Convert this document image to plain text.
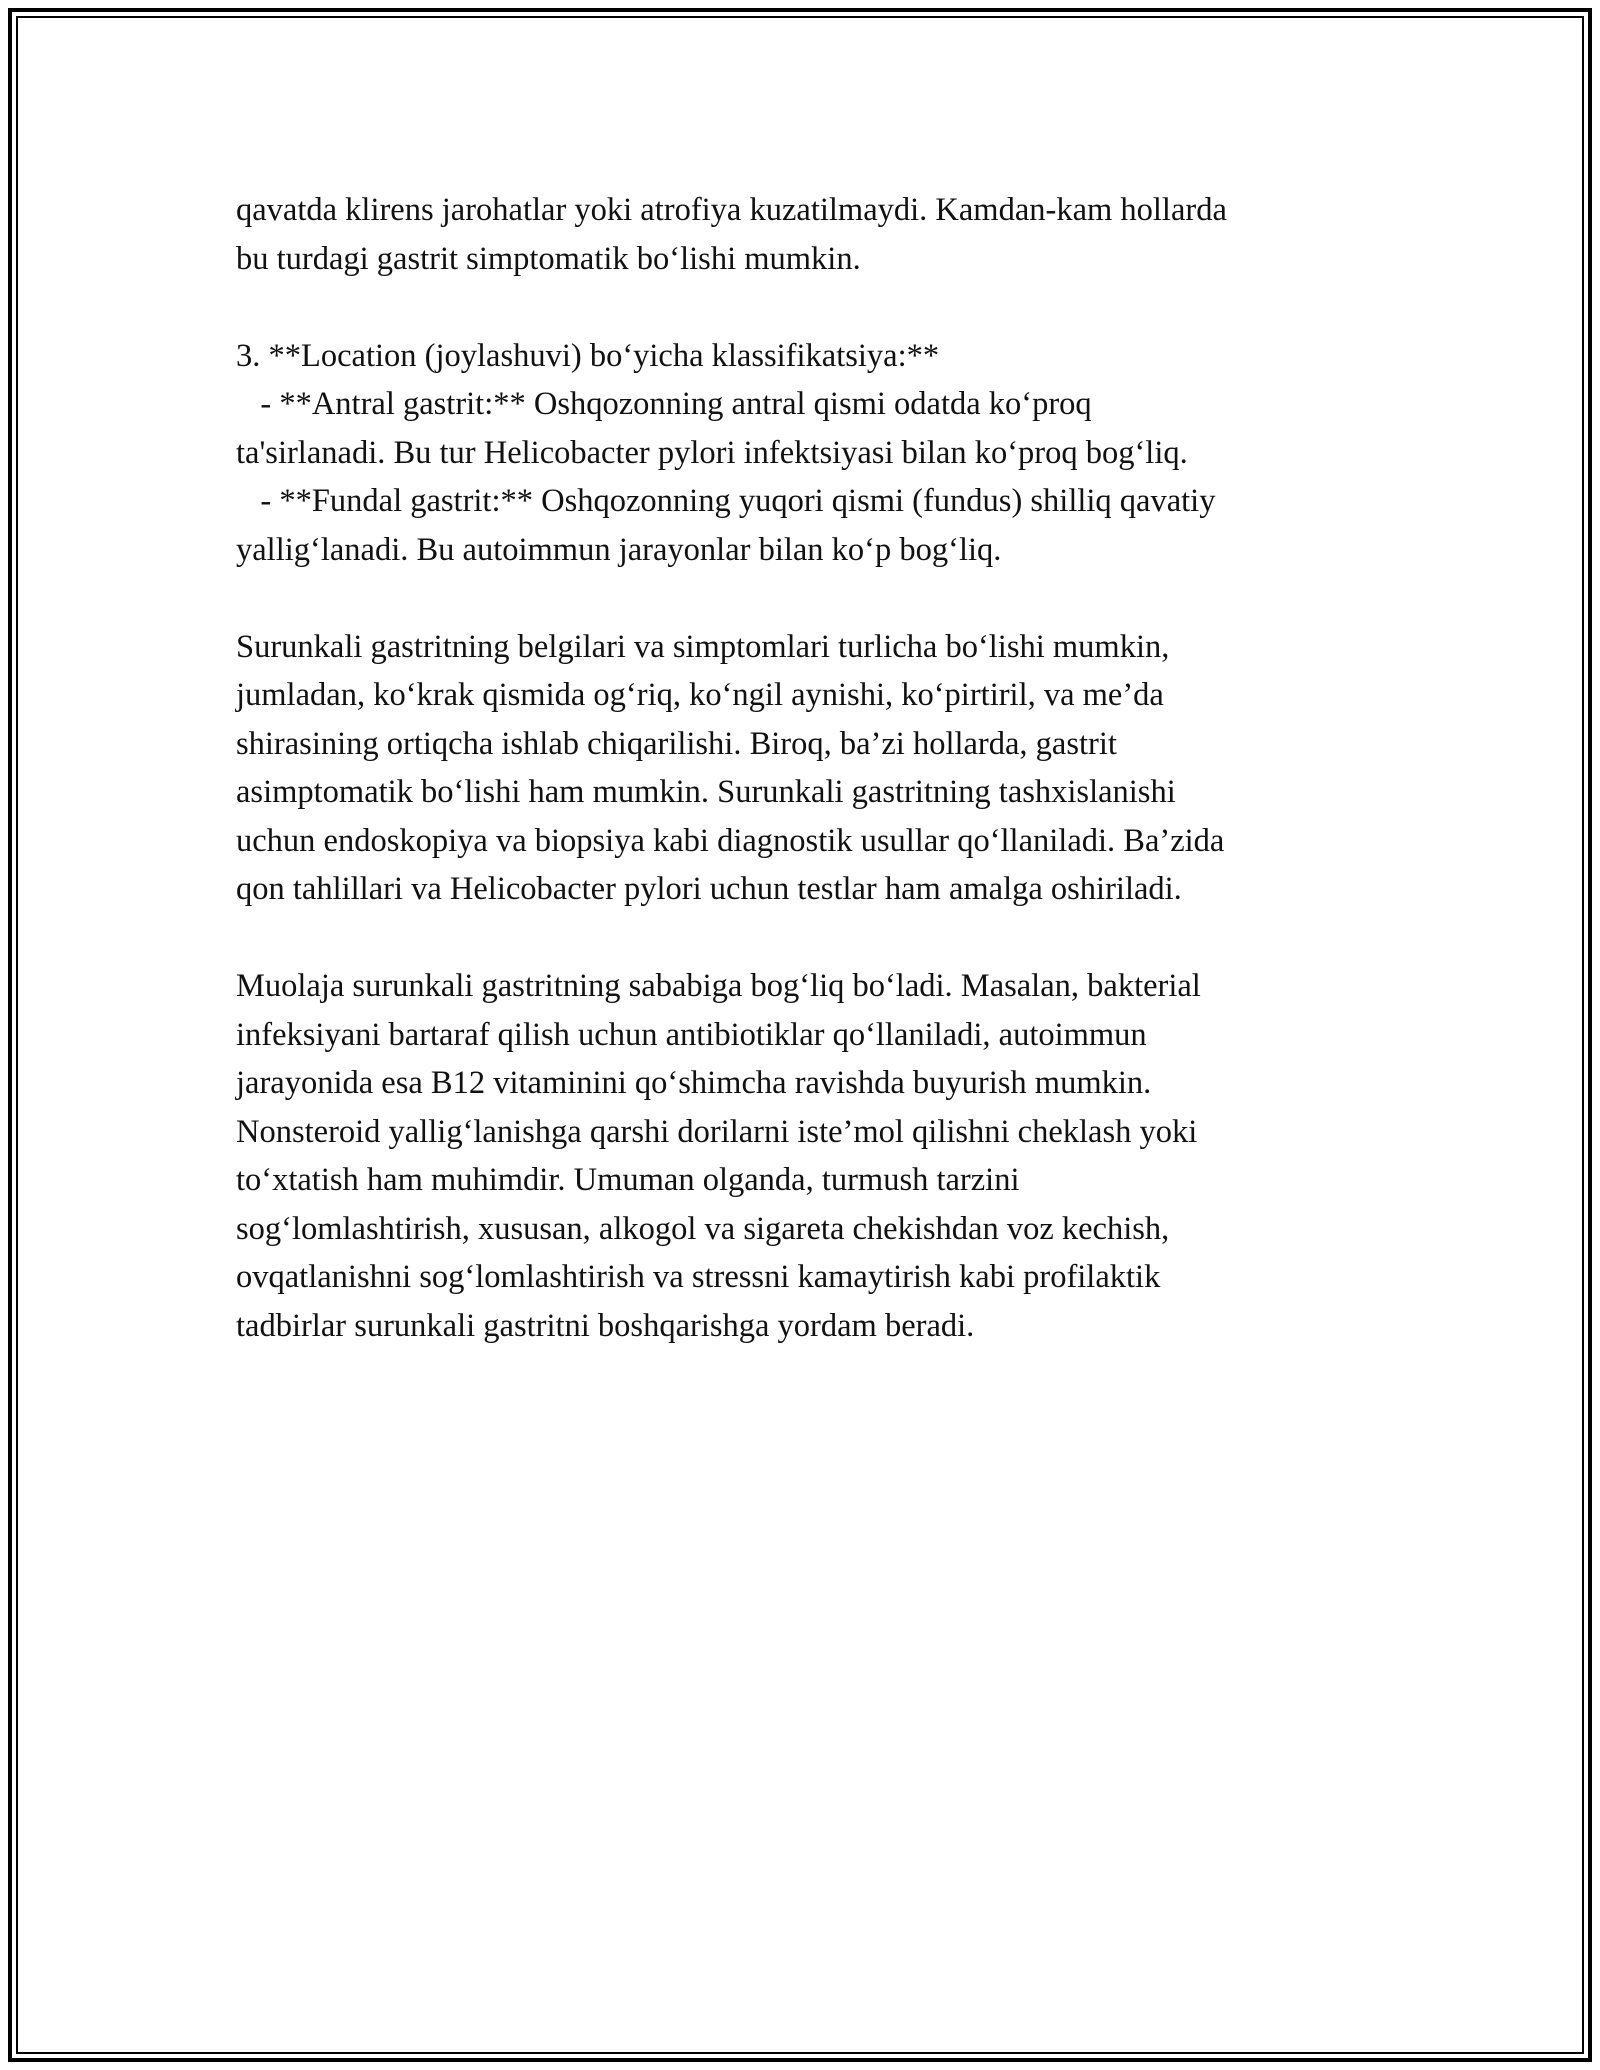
qavatda klirens jarohatlar yoki atrofiya kuzatilmaydi. Kamdan-kam hollarda
bu turdagi gastrit simptomatik bo‘lishi mumkin.

3. **Location (joylashuvi) bo‘yicha klassifikatsiya:**
- **Antral gastrit:** Oshqozonning antral qismi odatda ko‘proq
ta'sirlanadi. Bu tur Helicobacter pylori infektsiyasi bilan ko‘proq bog‘liq.
- **Fundal gastrit:** Oshqozonning yuqori qismi (fundus) shilliq qavatiy
yallig‘lanadi. Bu autoimmun jarayonlar bilan ko‘p bog‘liq.

Surunkali gastritning belgilari va simptomlari turlicha bo‘lishi mumkin,
jumladan, ko‘krak qismida og‘riq, ko‘ngil aynishi, ko‘pirtiril, va me’da
shirasining ortiqcha ishlab chiqarilishi. Biroq, ba’zi hollarda, gastrit
asimptomatik bo‘lishi ham mumkin. Surunkali gastritning tashxislanishi
uchun endoskopiya va biopsiya kabi diagnostik usullar qo‘llaniladi. Ba’zida
qon tahlillari va Helicobacter pylori uchun testlar ham amalga oshiriladi.

Muolaja surunkali gastritning sababiga bog‘liq bo‘ladi. Masalan, bakterial
infeksiyani bartaraf qilish uchun antibiotiklar qo‘llaniladi, autoimmun
jarayonida esa B12 vitaminini qo‘shimcha ravishda buyurish mumkin.
Nonsteroid yallig‘lanishga qarshi dorilarni iste’mol qilishni cheklash yoki
to‘xtatish ham muhimdir. Umuman olganda, turmush tarzini
sog‘lomlashtirish, xususan, alkogol va sigareta chekishdan voz kechish,
ovqatlanishni sog‘lomlashtirish va stressni kamaytirish kabi profilaktik
tadbirlar surunkali gastritni boshqarishga yordam beradi.
